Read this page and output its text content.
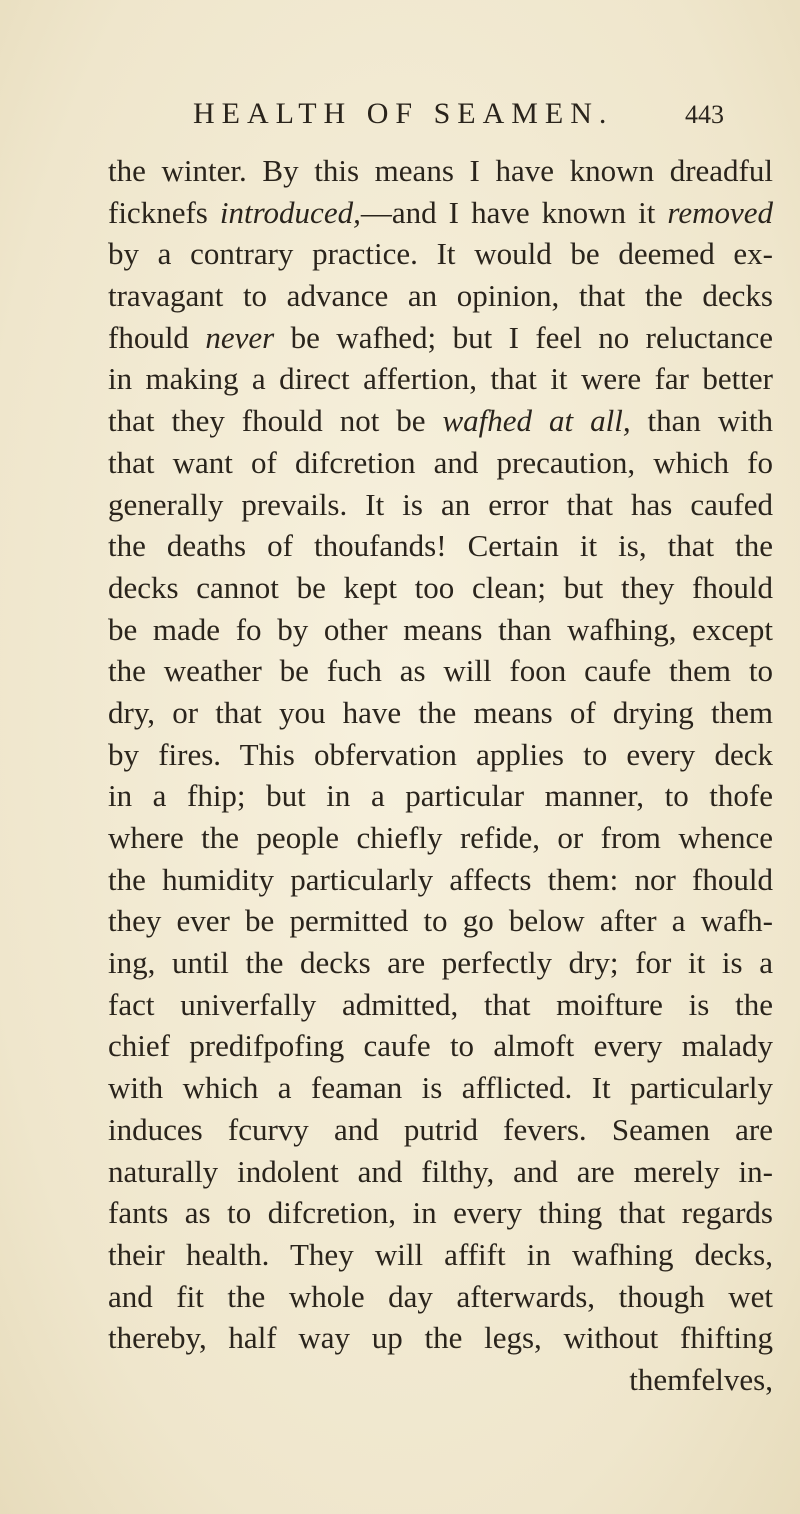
HEALTH OF SEAMEN.	443
the winter. By this means I have known dreadful
ficknefs introduced,—and I have known it removed
by a contrary practice. It would be deemed ex-
travagant to advance an opinion, that the decks
fhould never be wafhed; but I feel no reluctance
in making a direct affertion, that it were far better
that they fhould not be wafhed at all, than with
that want of difcretion and precaution, which fo
generally prevails. It is an error that has caufed
the deaths of thoufands! Certain it is, that the
decks cannot be kept too clean; but they fhould
be made fo by other means than wafhing, except
the weather be fuch as will foon caufe them to
dry, or that you have the means of drying them
by fires. This obfervation applies to every deck
in a fhip; but in a particular manner, to thofe
where the people chiefly refide, or from whence
the humidity particularly affects them: nor fhould
they ever be permitted to go below after a wafh-
ing, until the decks are perfectly dry; for it is a
fact univerfally admitted, that moifture is the
chief predifpofing caufe to almoft every malady
with which a feaman is afflicted. It particularly
induces fcurvy and putrid fevers. Seamen are
naturally indolent and filthy, and are merely in-
fants as to difcretion, in every thing that regards
their health. They will affift in wafhing decks,
and fit the whole day afterwards, though wet
thereby, half way up the legs, without fhifting
themfelves,
